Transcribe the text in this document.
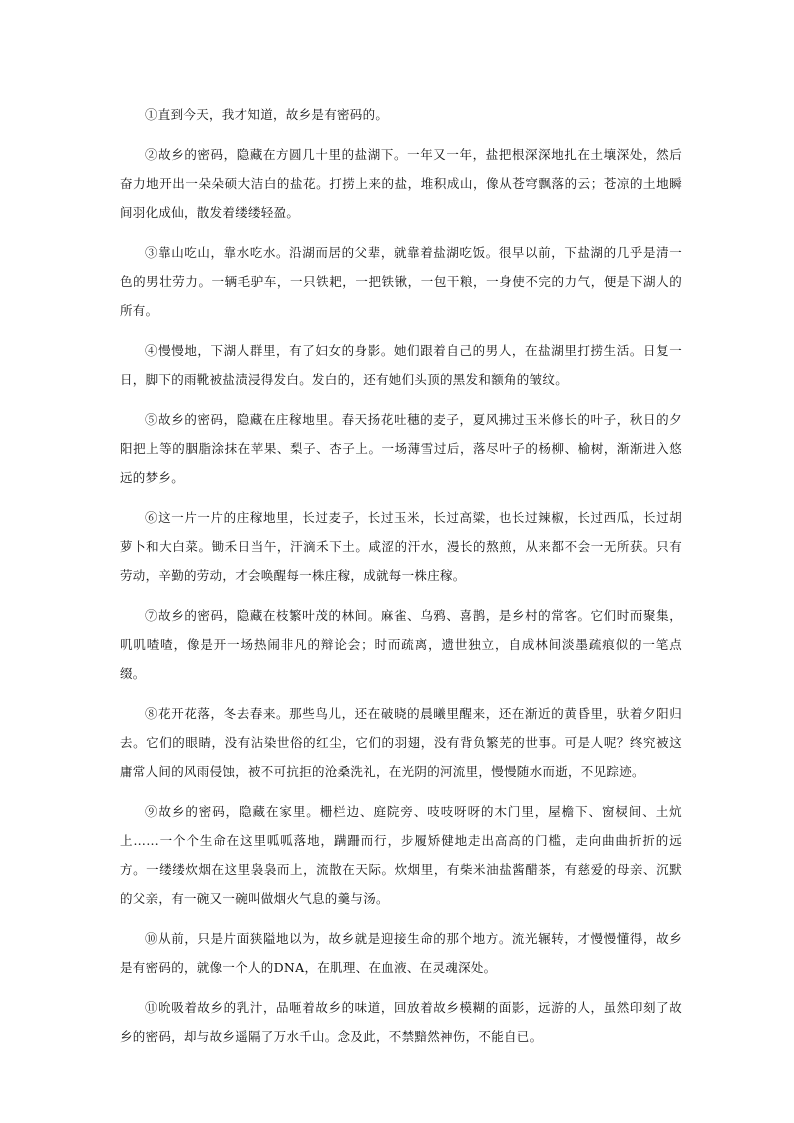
①直到今天，我才知道，故乡是有密码的。

②故乡的密码，隐藏在方圆几十里的盐湖下。一年又一年，盐把根深深地扎在土壤深处，然后奋力地开出一朵朵硕大洁白的盐花。打捞上来的盐，堆积成山，像从苍穹飘落的云；苍凉的土地瞬间羽化成仙，散发着缕缕轻盈。

③靠山吃山，靠水吃水。沿湖而居的父辈，就靠着盐湖吃饭。很早以前，下盐湖的几乎是清一色的男壮劳力。一辆毛驴车，一只铁耙，一把铁锹，一包干粮，一身使不完的力气，便是下湖人的所有。

④慢慢地，下湖人群里，有了妇女的身影。她们跟着自己的男人，在盐湖里打捞生活。日复一日，脚下的雨靴被盐渍浸得发白。发白的，还有她们头顶的黑发和额角的皱纹。

⑤故乡的密码，隐藏在庄稼地里。春天扬花吐穗的麦子，夏风拂过玉米修长的叶子，秋日的夕阳把上等的胭脂涂抹在苹果、梨子、杏子上。一场薄雪过后，落尽叶子的杨柳、榆树，渐渐进入悠远的梦乡。

⑥这一片一片的庄稼地里，长过麦子，长过玉米，长过高粱，也长过辣椒，长过西瓜，长过胡萝卜和大白菜。锄禾日当午，汗滴禾下土。咸涩的汗水，漫长的熬煎，从来都不会一无所获。只有劳动，辛勤的劳动，才会唤醒每一株庄稼，成就每一株庄稼。

⑦故乡的密码，隐藏在枝繁叶茂的林间。麻雀、乌鸦、喜鹊，是乡村的常客。它们时而聚集，叽叽喳喳，像是开一场热闹非凡的辩论会；时而疏离，遗世独立，自成林间淡墨疏痕似的一笔点缀。

⑧花开花落，冬去春来。那些鸟儿，还在破晓的晨曦里醒来，还在渐近的黄昏里，驮着夕阳归去。它们的眼睛，没有沾染世俗的红尘，它们的羽翅，没有背负繁芜的世事。可是人呢？终究被这庸常人间的风雨侵蚀，被不可抗拒的沧桑洗礼，在光阴的河流里，慢慢随水而逝，不见踪迹。

⑨故乡的密码，隐藏在家里。栅栏边、庭院旁、吱吱呀呀的木门里，屋檐下、窗棂间、土炕上……一个个生命在这里呱呱落地，蹒跚而行，步履矫健地走出高高的门槛，走向曲曲折折的远方。一缕缕炊烟在这里袅袅而上，流散在天际。炊烟里，有柴米油盐酱醋茶，有慈爱的母亲、沉默的父亲，有一碗又一碗叫做烟火气息的羹与汤。

⑩从前，只是片面狭隘地以为，故乡就是迎接生命的那个地方。流光辗转，才慢慢懂得，故乡是有密码的，就像一个人的DNA，在肌理、在血液、在灵魂深处。

⑪吮吸着故乡的乳汁，品咂着故乡的味道，回放着故乡模糊的面影，远游的人，虽然印刻了故乡的密码，却与故乡遥隔了万水千山。念及此，不禁黯然神伤，不能自已。
